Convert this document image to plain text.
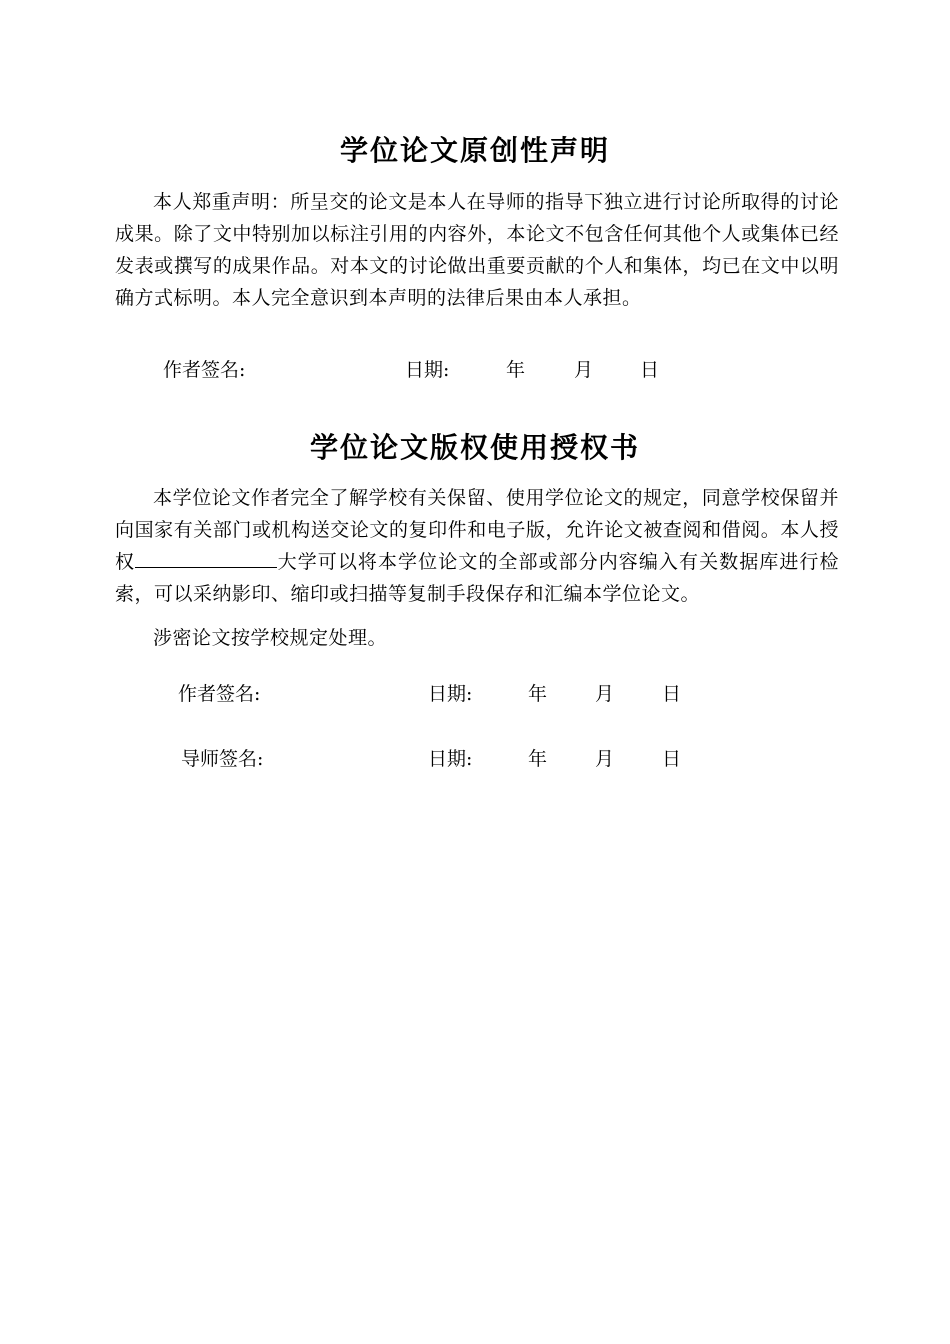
学位论文原创性声明
本人郑重声明：所呈交的论文是本人在导师的指导下独立进行讨论所取得的讨论成果。除了文中特别加以标注引用的内容外，本论文不包含任何其他个人或集体已经发表或撰写的成果作品。对本文的讨论做出重要贡献的个人和集体，均已在文中以明确方式标明。本人完全意识到本声明的法律后果由本人承担。
作者签名:	日期:	年	月 日
学位论文版权使用授权书
本学位论文作者完全了解学校有关保留、使用学位论文的规定，同意学校保留并向国家有关部门或机构送交论文的复印件和电子版，允许论文被查阅和借阅。本人授权	大学可以将本学位论文的全部或部分内容编入有关数据库进行检索，可以采纳影印、缩印或扫描等复制手段保存和汇编本学位论文。
涉密论文按学校规定处理。
作者签名:	日期:	年	月	日
导师签名:	日期:	年	月	日
